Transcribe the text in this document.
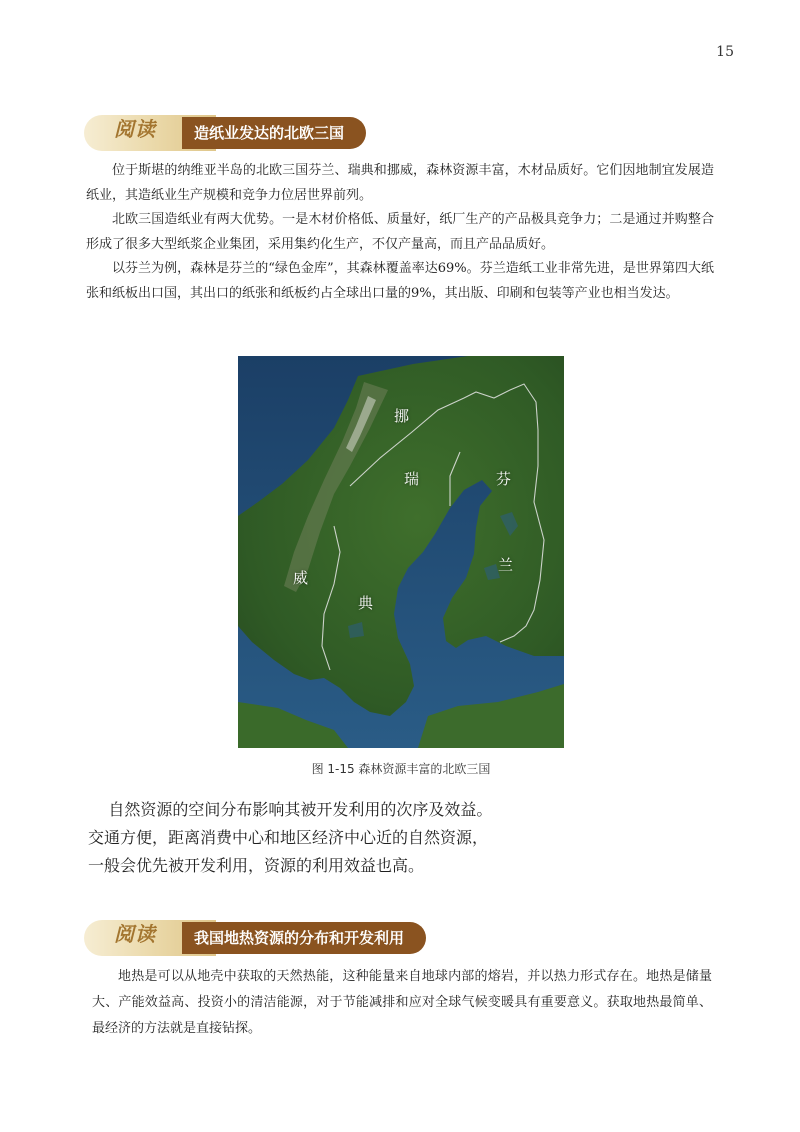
15
阅读	造纸业发达的北欧三国

位于斯堪的纳维亚半岛的北欧三国芬兰、瑞典和挪威，森林资源丰富，木材品质好。它们因地制宜发展造纸业，其造纸业生产规模和竞争力位居世界前列。

北欧三国造纸业有两大优势。一是木材价格低、质量好，纸厂生产的产品极具竞争力；二是通过并购整合形成了很多大型纸浆企业集团，采用集约化生产，不仅产量高，而且产品品质好。

以芬兰为例，森林是芬兰的“绿色金库”，其森林覆盖率达69%。芬兰造纸工业非常先进，是世界第四大纸张和纸板出口国，其出口的纸张和纸板约占全球出口量的9%，其出版、印刷和包装等产业也相当发达。

挪
威
瑞
典
芬
兰
图 1-15 森林资源丰富的北欧三国
自然资源的空间分布影响其被开发利用的次序及效益。
交通方便，距离消费中心和地区经济中心近的自然资源，
一般会优先被开发利用，资源的利用效益也高。
阅读	我国地热资源的分布和开发利用

地热是可以从地壳中获取的天然热能，这种能量来自地球内部的熔岩，并以热力形式存在。地热是储量大、产能效益高、投资小的清洁能源，对于节能减排和应对全球气候变暖具有重要意义。获取地热最简单、最经济的方法就是直接钻探。
